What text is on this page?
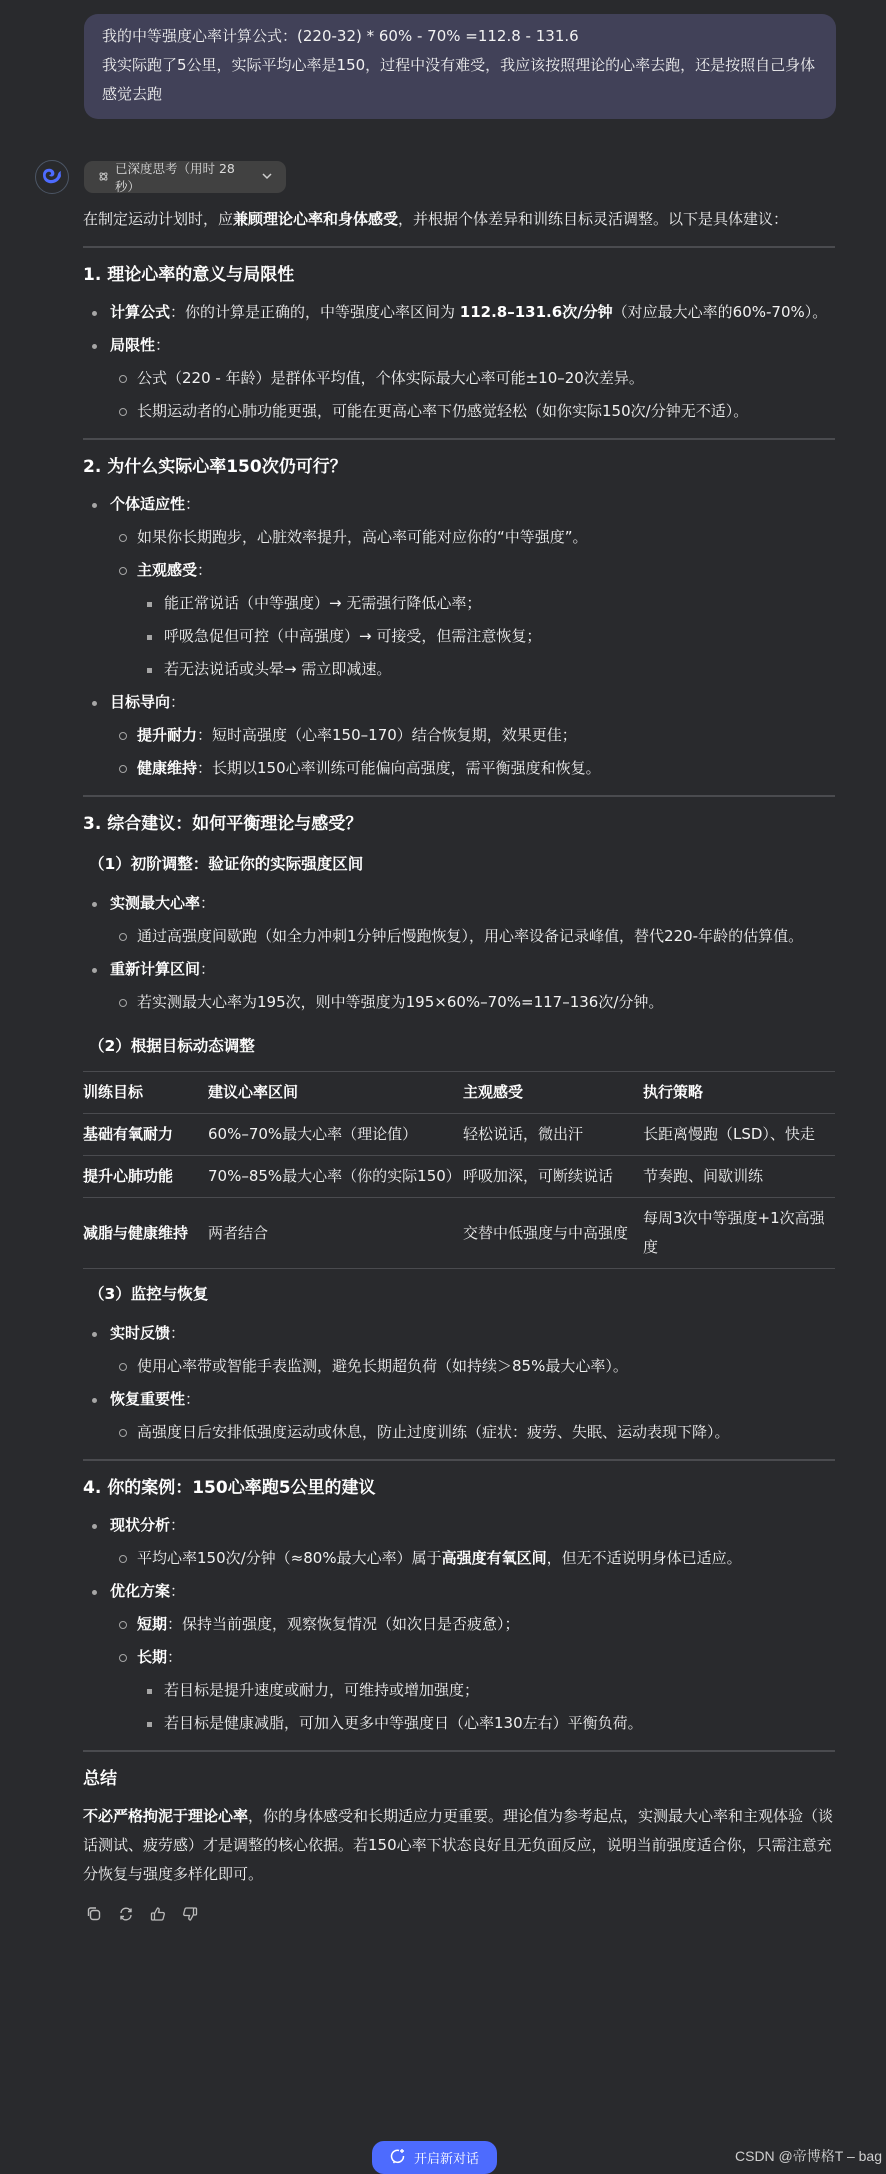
我的中等强度心率计算公式：(220-32) * 60% - 70% =112.8 - 131.6
我实际跑了5公里，实际平均心率是150，过程中没有难受，我应该按照理论的心率去跑，还是按照自己身体感觉去跑
已深度思考（用时 28 秒）

在制定运动计划时，应兼顾理论心率和身体感受，并根据个体差异和训练目标灵活调整。以下是具体建议：

1. 理论心率的意义与局限性
计算公式：你的计算是正确的，中等强度心率区间为 112.8–131.6次/分钟（对应最大心率的60%-70%）。
局限性：
公式（220 - 年龄）是群体平均值，个体实际最大心率可能±10–20次差异。
长期运动者的心肺功能更强，可能在更高心率下仍感觉轻松（如你实际150次/分钟无不适）。
2. 为什么实际心率150次仍可行？
个体适应性：
如果你长期跑步，心脏效率提升，高心率可能对应你的“中等强度”。
主观感受：
能正常说话（中等强度）→ 无需强行降低心率；
呼吸急促但可控（中高强度）→ 可接受，但需注意恢复；
若无法说话或头晕→ 需立即减速。
目标导向：
提升耐力：短时高强度（心率150–170）结合恢复期，效果更佳；
健康维持：长期以150心率训练可能偏向高强度，需平衡强度和恢复。
3. 综合建议：如何平衡理论与感受？
（1）初阶调整：验证你的实际强度区间
实测最大心率：
通过高强度间歇跑（如全力冲刺1分钟后慢跑恢复），用心率设备记录峰值，替代220-年龄的估算值。
重新计算区间：
若实测最大心率为195次，则中等强度为195×60%–70%=117–136次/分钟。
（2）根据目标动态调整
训练目标	建议心率区间	主观感受	执行策略
基础有氧耐力	60%–70%最大心率（理论值）	轻松说话，微出汗	长距离慢跑（LSD）、快走
提升心肺功能	70%–85%最大心率（你的实际150）	呼吸加深，可断续说话	节奏跑、间歇训练
减脂与健康维持	两者结合	交替中低强度与中高强度	每周3次中等强度+1次高强度
（3）监控与恢复
实时反馈：
使用心率带或智能手表监测，避免长期超负荷（如持续＞85%最大心率）。
恢复重要性：
高强度日后安排低强度运动或休息，防止过度训练（症状：疲劳、失眠、运动表现下降）。
4. 你的案例：150心率跑5公里的建议
现状分析：
平均心率150次/分钟（≈80%最大心率）属于高强度有氧区间，但无不适说明身体已适应。
优化方案：
短期：保持当前强度，观察恢复情况（如次日是否疲惫）；
长期：
若目标是提升速度或耐力，可维持或增加强度；
若目标是健康减脂，可加入更多中等强度日（心率130左右）平衡负荷。
总结

不必严格拘泥于理论心率，你的身体感受和长期适应力更重要。理论值为参考起点，实测最大心率和主观体验（谈话测试、疲劳感）才是调整的核心依据。若150心率下状态良好且无负面反应，说明当前强度适合你，只需注意充分恢复与强度多样化即可。

开启新对话	CSDN @帝博格T – bag
